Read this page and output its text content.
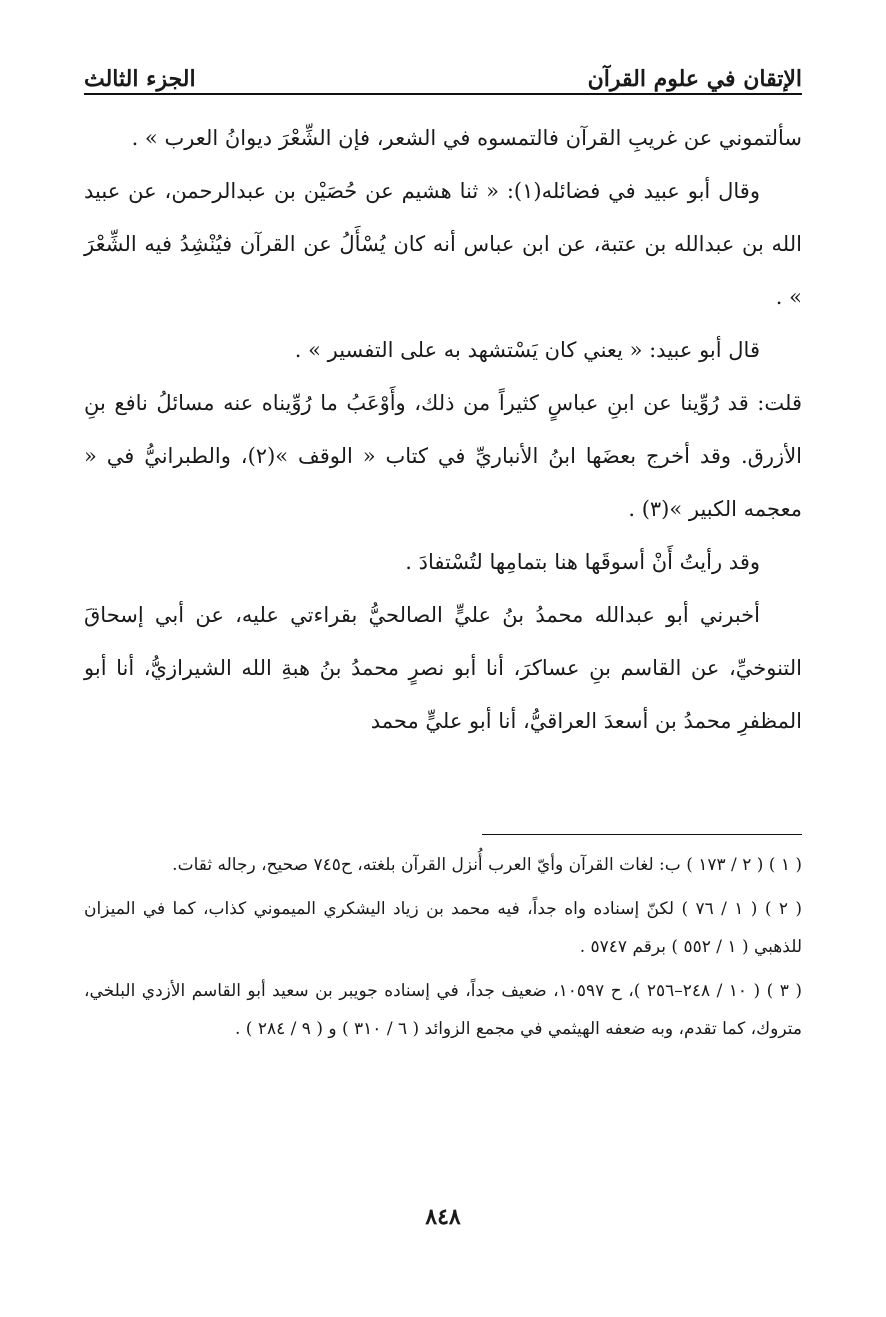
الإتقان في علوم القرآن
الجزء الثالث

سألتموني عن غريبِ القرآن فالتمسوه في الشعر، فإن الشِّعْرَ ديوانُ العرب » .

وقال أبو عبيد في فضائله(١): « ثنا هشيم عن حُصَيْن بن عبدالرحمن، عن عبيد الله بن عبدالله بن عتبة، عن ابن عباس أنه كان يُسْأَلُ عن القرآن فيُنْشِدُ فيه الشِّعْرَ » .

قال أبو عبيد: « يعني كان يَسْتشهد به على التفسير » .

قلت: قد رُوِّينا عن ابنِ عباسٍ كثيراً من ذلك، وأَوْعَبُ ما رُوِّيناه عنه مسائلُ نافع بنِ الأزرق. وقد أخرج بعضَها ابنُ الأنباريِّ في كتاب « الوقف »(٢)، والطبرانيُّ في « معجمه الكبير »(٣) .

وقد رأيتُ أَنْ أسوقَها هنا بتمامِها لتُسْتفادَ .

أخبرني أبو عبدالله محمدُ بنُ عليٍّ الصالحيُّ بقراءتي عليه، عن أبي إسحاقَ التنوخيِّ، عن القاسم بنِ عساكرَ، أنا أبو نصرٍ محمدُ بنُ هبةِ الله الشيرازيُّ، أنا أبو المظفرِ محمدُ بن أسعدَ العراقيُّ، أنا أبو عليٍّ محمد

( ١ ) ( ٢ / ١٧٣ ) ب: لغات القرآن وأيّ العرب أُنزل القرآن بلغته، ح٧٤٥ صحيح، رجاله ثقات.

( ٢ ) ( ١ / ٧٦ ) لكنّ إسناده واه جداً، فيه محمد بن زياد اليشكري الميموني كذاب، كما في الميزان للذهبي ( ١ / ٥٥٢ ) برقم ٥٧٤٧ .

( ٣ ) ( ١٠ / ٢٤٨–٢٥٦ )، ح ١٠٥٩٧، ضعيف جداً، في إسناده جويبر بن سعيد أبو القاسم الأزدي البلخي، متروك، كما تقدم، وبه ضعفه الهيثمي في مجمع الزوائد ( ٦ / ٣١٠ ) و ( ٩ / ٢٨٤ ) .

٨٤٨
